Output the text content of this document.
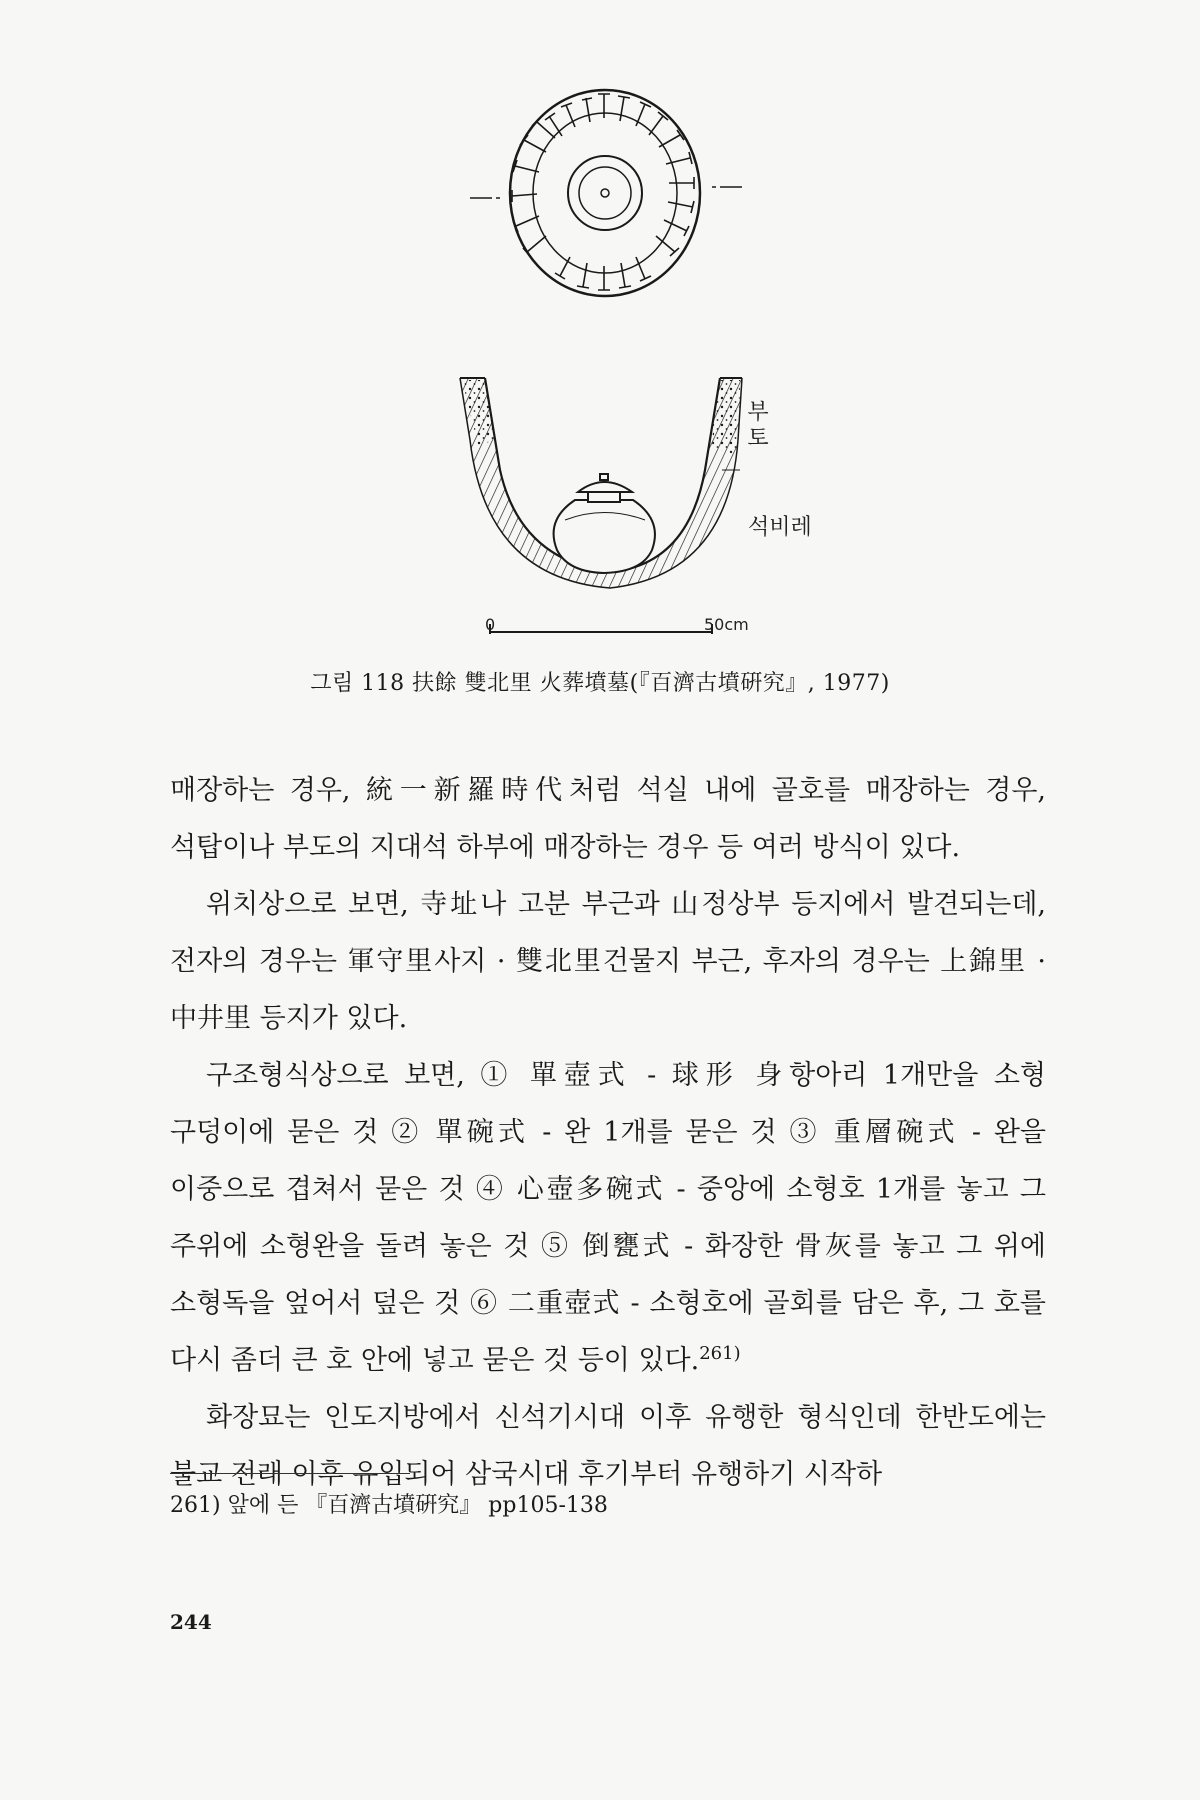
부토
석비레
0	50cm
그림 118 扶餘 雙北里 火葬墳墓(『百濟古墳硏究』, 1977)

매장하는 경우, 統一新羅時代처럼 석실 내에 골호를 매장하는 경우, 석탑이나 부도의 지대석 하부에 매장하는 경우 등 여러 방식이 있다.

위치상으로 보면, 寺址나 고분 부근과 山정상부 등지에서 발견되는데, 전자의 경우는 軍守里사지 · 雙北里건물지 부근, 후자의 경우는 上錦里 · 中井里 등지가 있다.

구조형식상으로 보면, ① 單壺式 - 球形 身항아리 1개만을 소형 구덩이에 묻은 것 ② 單碗式 - 완 1개를 묻은 것 ③ 重層碗式 - 완을 이중으로 겹쳐서 묻은 것 ④ 心壺多碗式 - 중앙에 소형호 1개를 놓고 그 주위에 소형완을 돌려 놓은 것 ⑤ 倒甕式 - 화장한 骨灰를 놓고 그 위에 소형독을 엎어서 덮은 것 ⑥ 二重壺式 - 소형호에 골회를 담은 후, 그 호를 다시 좀더 큰 호 안에 넣고 묻은 것 등이 있다.$^{261)}$

화장묘는 인도지방에서 신석기시대 이후 유행한 형식인데 한반도에는 불교 전래 이후 유입되어 삼국시대 후기부터 유행하기 시작하

261) 앞에 든 『百濟古墳硏究』 pp105-138
244
